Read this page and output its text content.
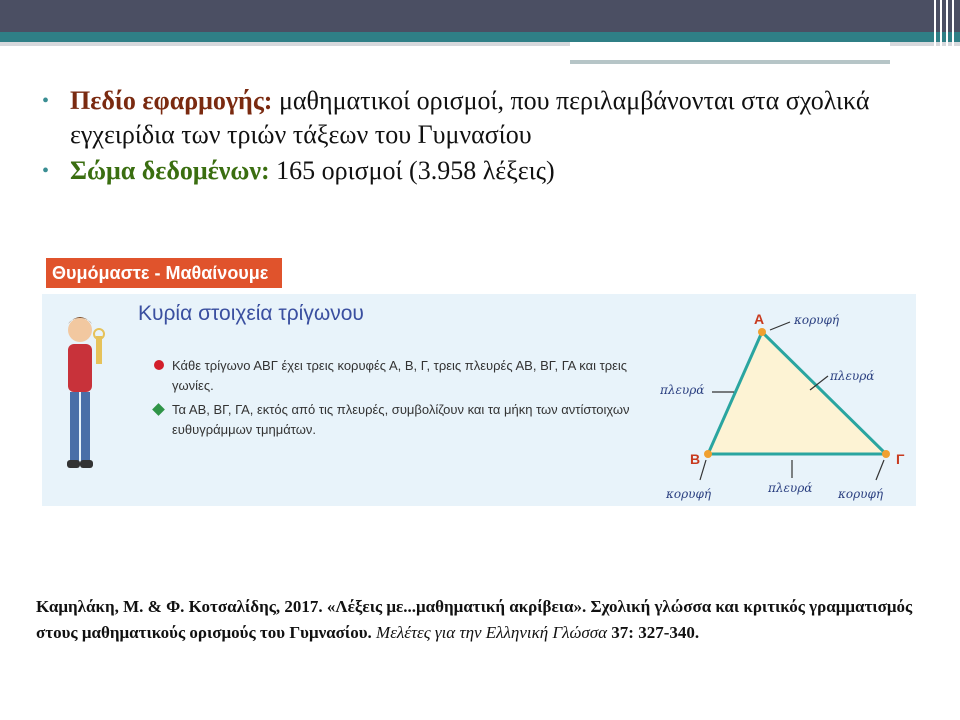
• Πεδίο εφαρμογής: μαθηματικοί ορισμοί, που περιλαμβάνονται στα σχολικά εγχειρίδια των τριών τάξεων του Γυμνασίου
• Σώμα δεδομένων: 165 ορισμοί (3.958 λέξεις)
Θυμόμαστε - Μαθαίνουμε
Κυρία στοιχεία τρίγωνου
Κάθε τρίγωνο ΑΒΓ έχει τρεις κορυφές Α, Β, Γ, τρεις πλευρές ΑΒ, ΒΓ, ΓΑ και τρεις γωνίες.
Τα ΑΒ, ΒΓ, ΓΑ, εκτός από τις πλευρές, συμβολίζουν και τα μήκη των αντίστοιχων ευθυγράμμων τμημάτων.
Α
Β	Γ
κορυφή
πλευρά
πλευρά
κορυφή	πλευρά κορυφή
Καμηλάκη, Μ. & Φ. Κοτσαλίδης, 2017. «Λέξεις με...μαθηματική ακρίβεια». Σχολική γλώσσα και κριτικός γραμματισμός στους μαθηματικούς ορισμούς του Γυμνασίου. Μελέτες για την Ελληνική Γλώσσα 37: 327-340.
